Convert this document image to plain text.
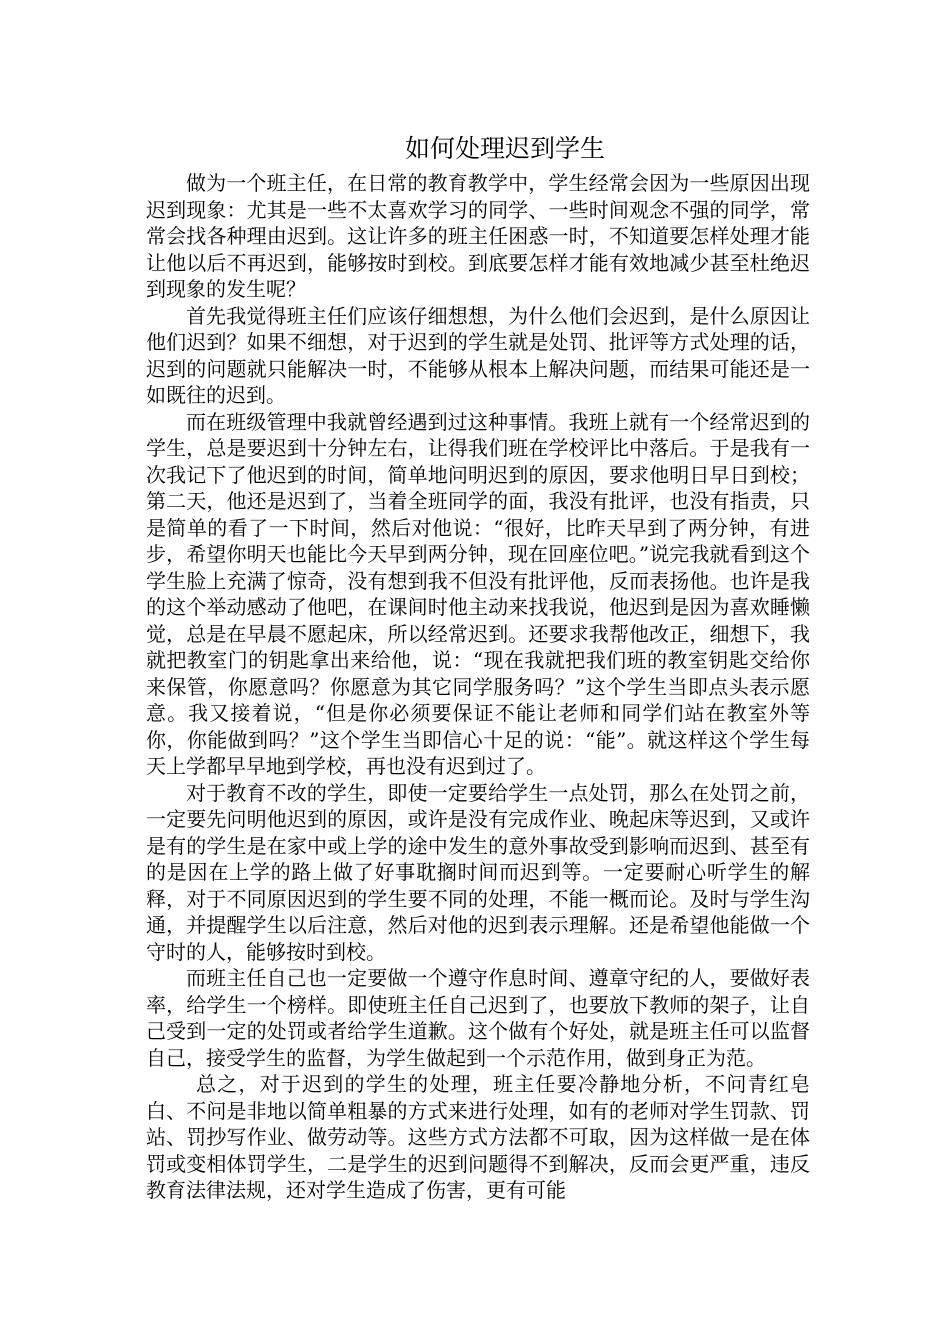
如何处理迟到学生

做为一个班主任，在日常的教育教学中，学生经常会因为一些原因出现迟到现象：尤其是一些不太喜欢学习的同学、一些时间观念不强的同学，常常会找各种理由迟到。这让许多的班主任困惑一时，不知道要怎样处理才能让他以后不再迟到，能够按时到校。到底要怎样才能有效地减少甚至杜绝迟到现象的发生呢？

首先我觉得班主任们应该仔细想想，为什么他们会迟到，是什么原因让他们迟到？如果不细想，对于迟到的学生就是处罚、批评等方式处理的话，迟到的问题就只能解决一时，不能够从根本上解决问题，而结果可能还是一如既往的迟到。

而在班级管理中我就曾经遇到过这种事情。我班上就有一个经常迟到的学生，总是要迟到十分钟左右，让得我们班在学校评比中落后。于是我有一次我记下了他迟到的时间，简单地问明迟到的原因，要求他明日早日到校；第二天，他还是迟到了，当着全班同学的面，我没有批评，也没有指责，只是简单的看了一下时间，然后对他说：“很好，比昨天早到了两分钟，有进步，希望你明天也能比今天早到两分钟，现在回座位吧。”说完我就看到这个学生脸上充满了惊奇，没有想到我不但没有批评他，反而表扬他。也许是我的这个举动感动了他吧，在课间时他主动来找我说，他迟到是因为喜欢睡懒觉，总是在早晨不愿起床，所以经常迟到。还要求我帮他改正，细想下，我就把教室门的钥匙拿出来给他，说：“现在我就把我们班的教室钥匙交给你来保管，你愿意吗？你愿意为其它同学服务吗？”这个学生当即点头表示愿意。我又接着说，“但是你必须要保证不能让老师和同学们站在教室外等你，你能做到吗？”这个学生当即信心十足的说：“能”。就这样这个学生每天上学都早早地到学校，再也没有迟到过了。

对于教育不改的学生，即使一定要给学生一点处罚，那么在处罚之前，一定要先问明他迟到的原因，或许是没有完成作业、晚起床等迟到，又或许是有的学生是在家中或上学的途中发生的意外事故受到影响而迟到、甚至有的是因在上学的路上做了好事耽搁时间而迟到等。一定要耐心听学生的解释，对于不同原因迟到的学生要不同的处理，不能一概而论。及时与学生沟通，并提醒学生以后注意，然后对他的迟到表示理解。还是希望他能做一个守时的人，能够按时到校。

而班主任自己也一定要做一个遵守作息时间、遵章守纪的人，要做好表率，给学生一个榜样。即使班主任自己迟到了，也要放下教师的架子，让自己受到一定的处罚或者给学生道歉。这个做有个好处，就是班主任可以监督自己，接受学生的监督，为学生做起到一个示范作用，做到身正为范。

总之，对于迟到的学生的处理，班主任要冷静地分析，不问青红皂白、不问是非地以简单粗暴的方式来进行处理，如有的老师对学生罚款、罚站、罚抄写作业、做劳动等。这些方式方法都不可取，因为这样做一是在体罚或变相体罚学生，二是学生的迟到问题得不到解决，反而会更严重，违反教育法律法规，还对学生造成了伤害，更有可能
